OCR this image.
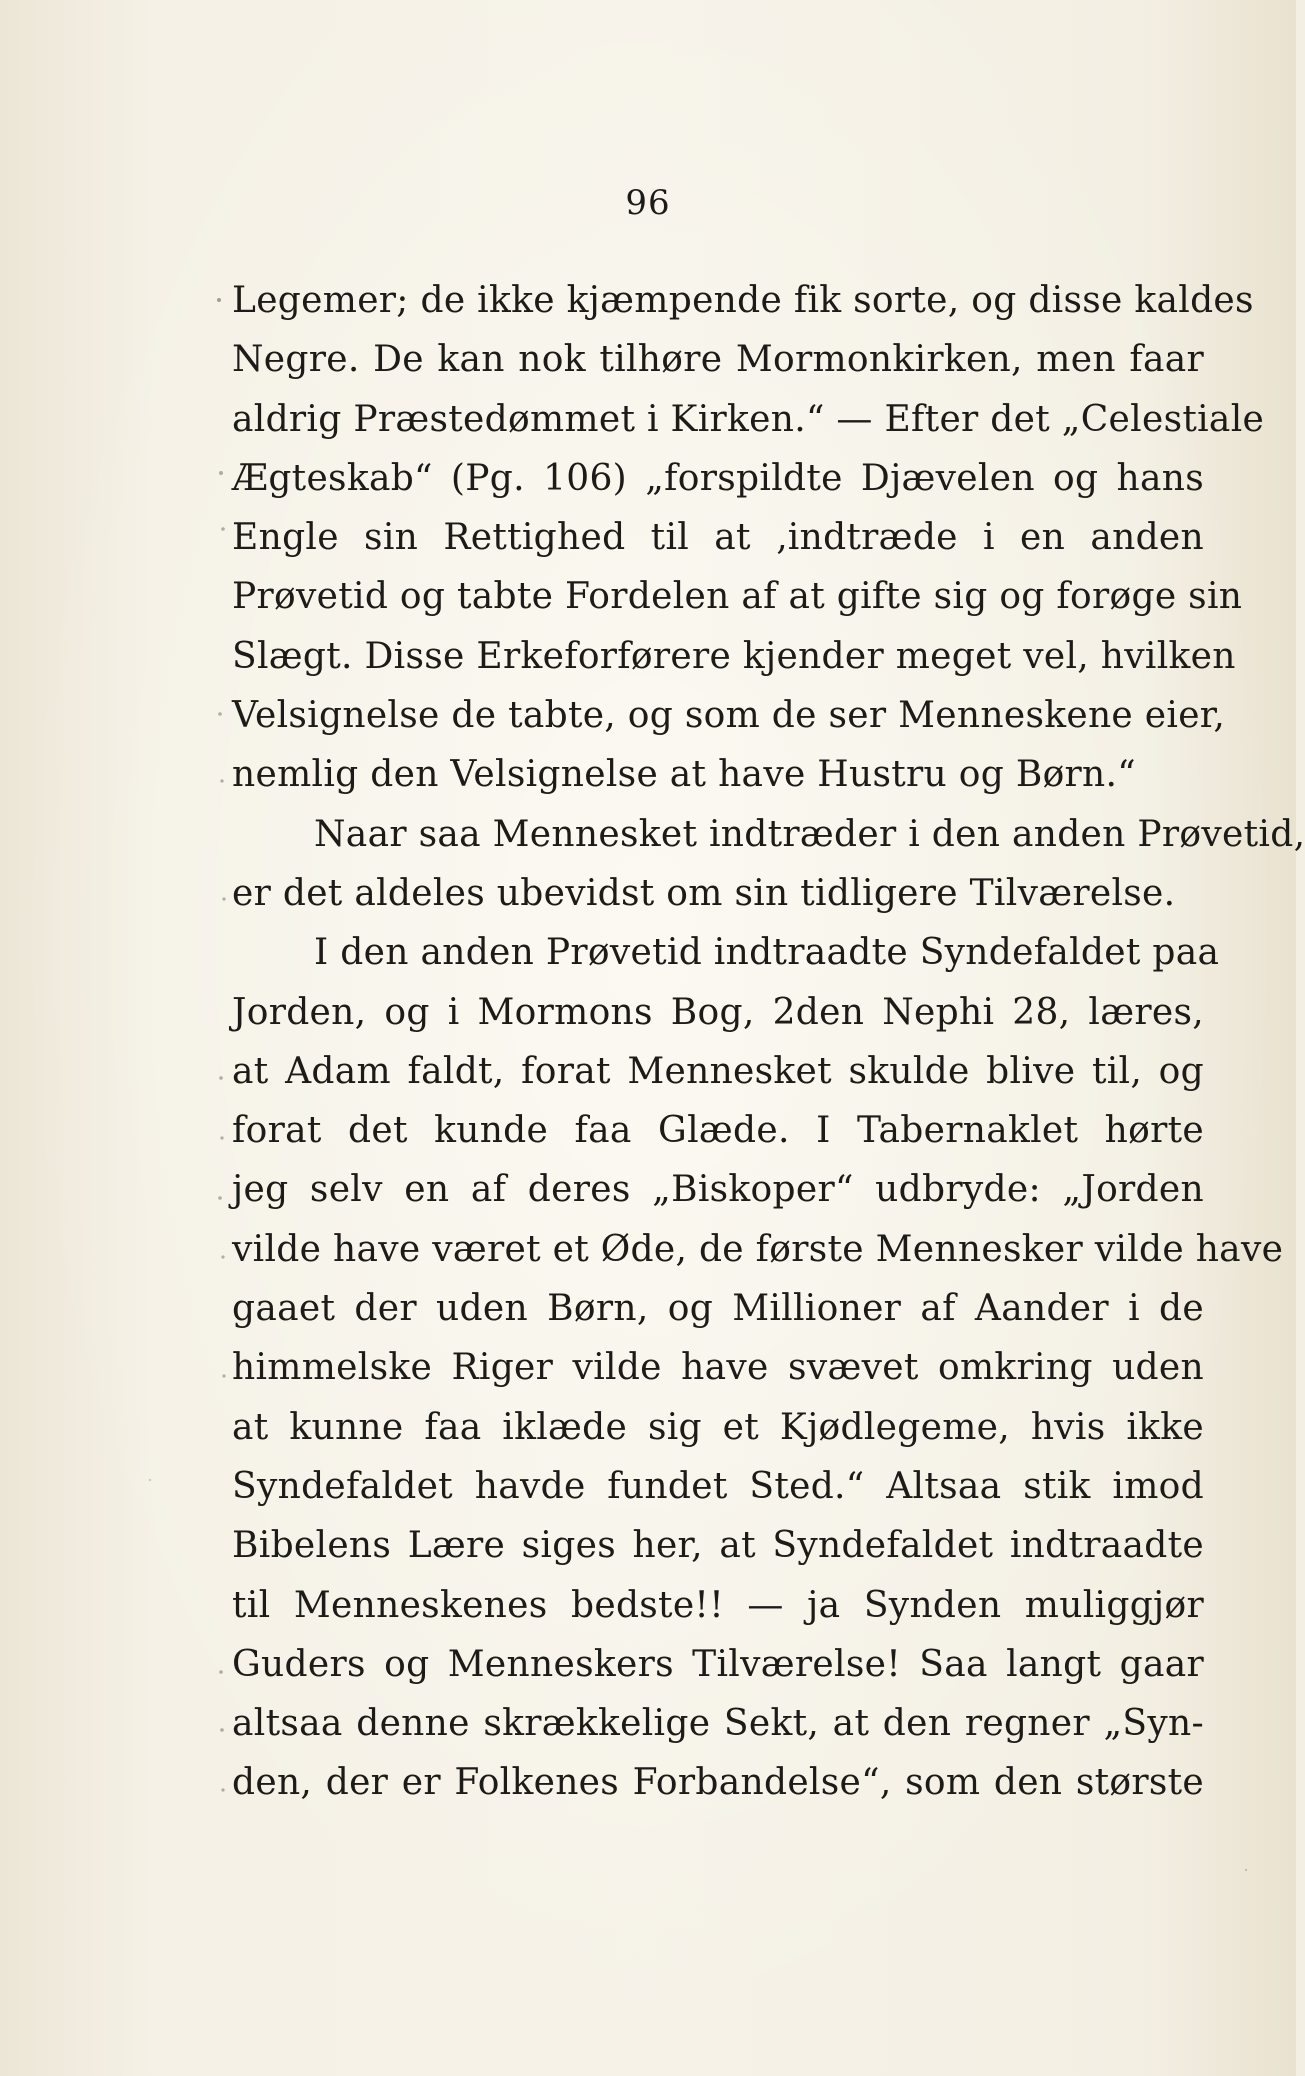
96
Legemer; de ikke kjæmpende fik sorte, og disse kaldes
Negre. De kan nok tilhøre Mormonkirken, men faar
aldrig Præstedømmet i Kirken.“ — Efter det „Celestiale
Ægteskab“ (Pg. 106) „forspildte Djævelen og hans
Engle sin Rettighed til at ‚indtræde i en anden
Prøvetid og tabte Fordelen af at gifte sig og forøge sin
Slægt. Disse Erkeforførere kjender meget vel, hvilken
Velsignelse de tabte, og som de ser Menneskene eier,
nemlig den Velsignelse at have Hustru og Børn.“
Naar saa Mennesket indtræder i den anden Prøvetid,
er det aldeles ubevidst om sin tidligere Tilværelse.
I den anden Prøvetid indtraadte Syndefaldet paa
Jorden, og i Mormons Bog, 2den Nephi 28, læres,
at Adam faldt, forat Mennesket skulde blive til, og
forat det kunde faa Glæde. I Tabernaklet hørte
jeg selv en af deres „Biskoper“ udbryde: „Jorden
vilde have været et Øde, de første Mennesker vilde have
gaaet der uden Børn, og Millioner af Aander i de
himmelske Riger vilde have svævet omkring uden
at kunne faa iklæde sig et Kjødlegeme, hvis ikke
Syndefaldet havde fundet Sted.“ Altsaa stik imod
Bibelens Lære siges her, at Syndefaldet indtraadte
til Menneskenes bedste!! — ja Synden muliggjør
Guders og Menneskers Tilværelse! Saa langt gaar
altsaa denne skrækkelige Sekt, at den regner „Syn-
den, der er Folkenes Forbandelse“, som den største
